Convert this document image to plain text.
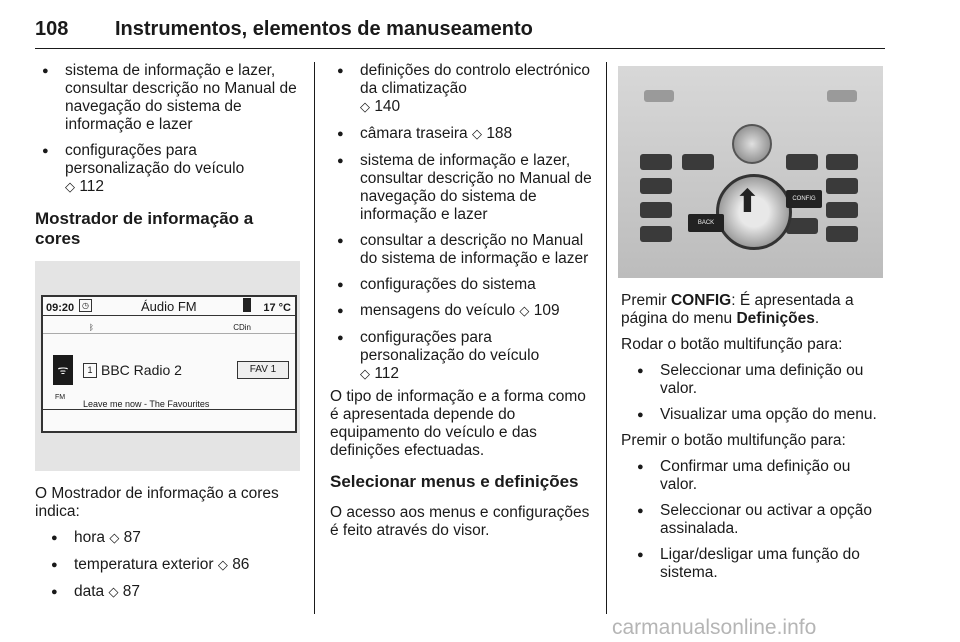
108 Instrumentos, elementos de manuseamento
● sistema de informação e lazer, consultar descrição no Manual de navegação do sistema de informação e lazer
● configurações para personalização do veículo
◇ 112
Mostrador de informação a cores
09:20 ◷	Áudio FM	17 °C
ᛒ	CDin
ᯤ
FM
1 BBC Radio 2	FAV 1
Leave me now - The Favourites

O Mostrador de informação a cores indica:

● hora ◇ 87
● temperatura exterior ◇ 86
● data ◇ 87
● definições do controlo electrónico da climatização
◇ 140
● câmara traseira ◇ 188
● sistema de informação e lazer, consultar descrição no Manual de navegação do sistema de informação e lazer
● consultar a descrição no Manual do sistema de informação e lazer
● configurações do sistema
● mensagens do veículo ◇ 109
● configurações para personalização do veículo
◇ 112

O tipo de informação e a forma como é apresentada depende do equipamento do veículo e das definições efectuadas.

Selecionar menus e definições

O acesso aos menus e configurações é feito através do visor.

⬆
BACK
CONFIG

Premir CONFIG: É apresentada a página do menu Definições.

Rodar o botão multifunção para:

● Seleccionar uma definição ou valor.
● Visualizar uma opção do menu.

Premir o botão multifunção para:

● Confirmar uma definição ou valor.
● Seleccionar ou activar a opção assinalada.
● Ligar/desligar uma função do sistema.
carmanualsonline.info
